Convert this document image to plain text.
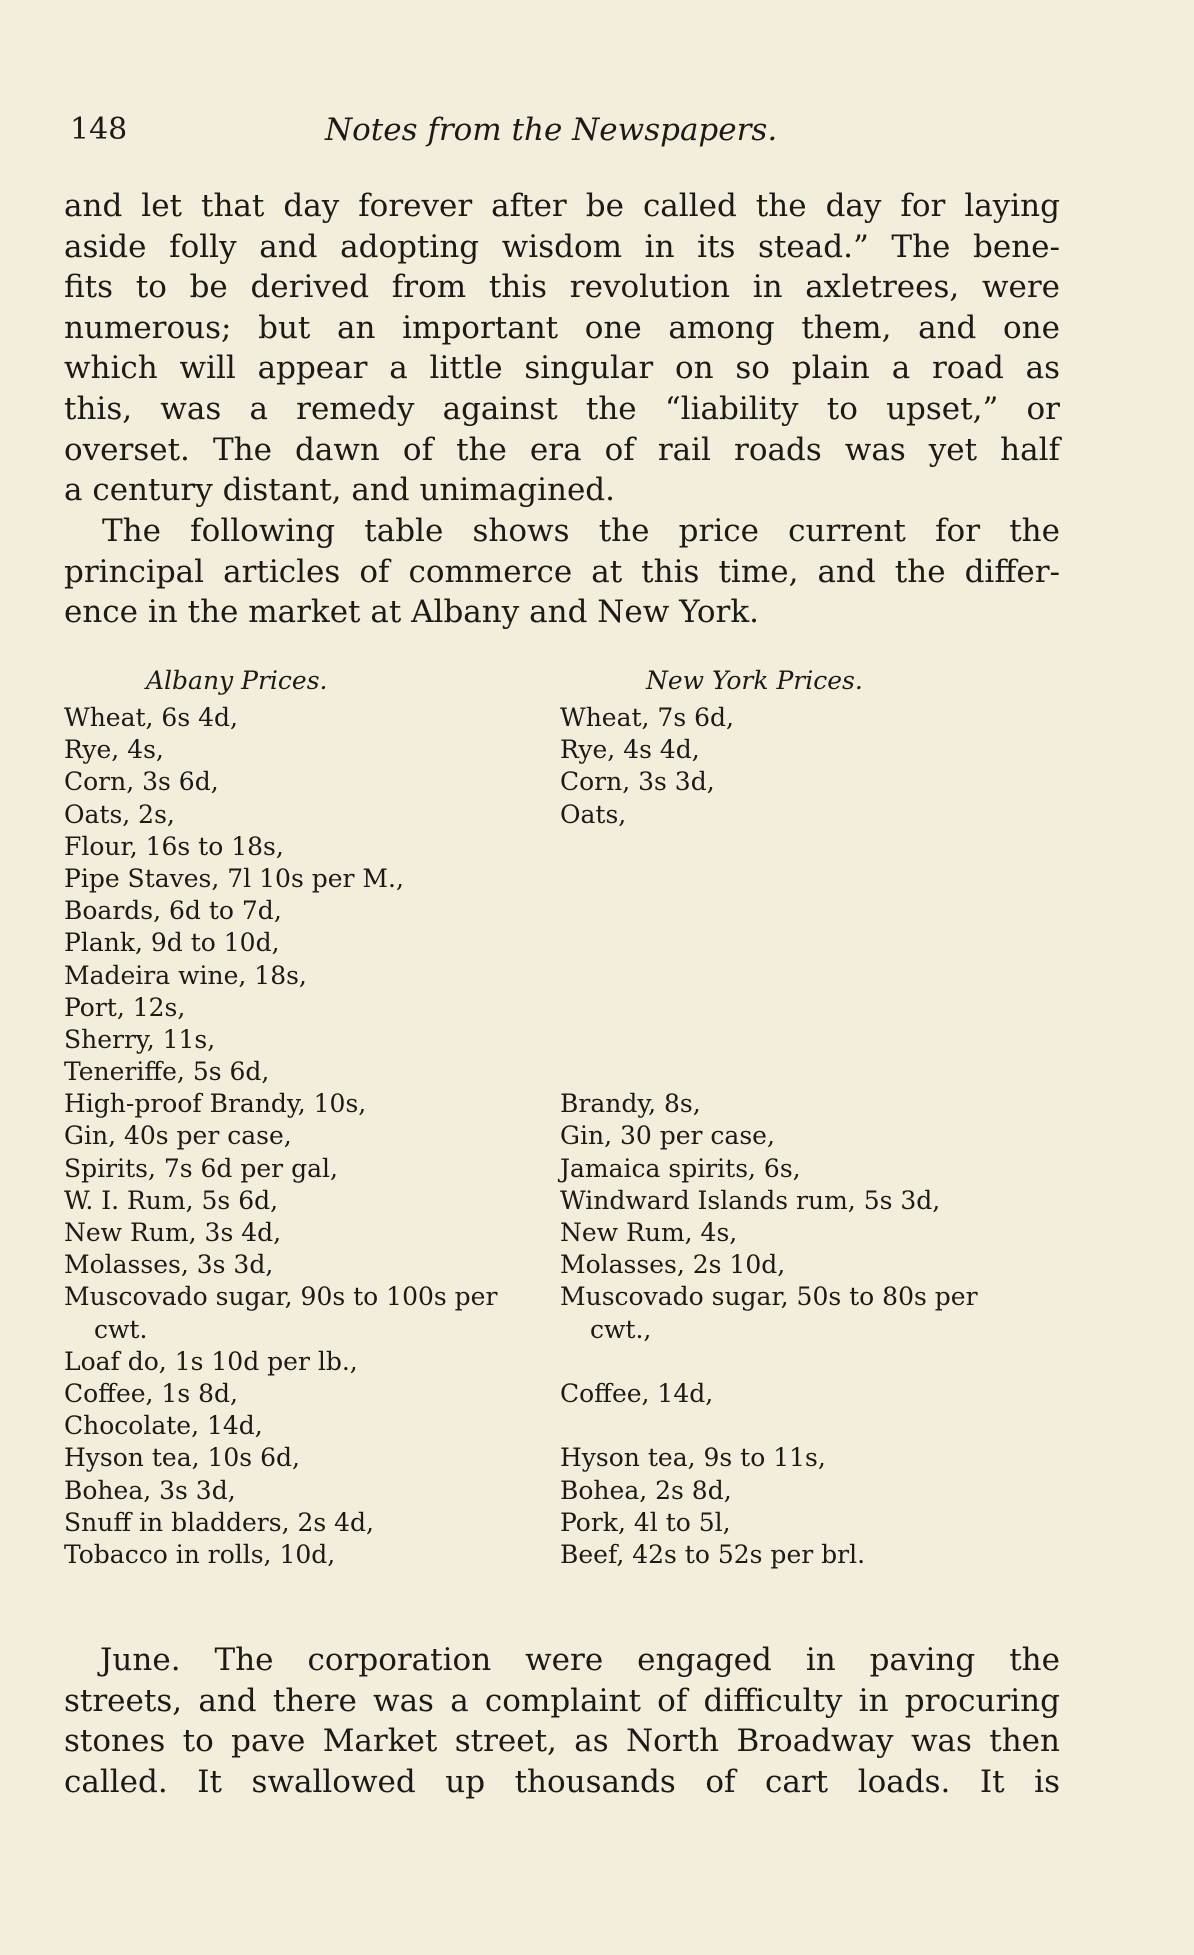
148	Notes from the Newspapers.
and let that day forever after be called the day for laying
aside folly and adopting wisdom in its stead.” The bene-
fits to be derived from this revolution in axletrees, were
numerous; but an important one among them, and one
which will appear a little singular on so plain a road as
this, was a remedy against the “liability to upset,” or
overset. The dawn of the era of rail roads was yet half
a century distant, and unimagined.
The following table shows the price current for the
principal articles of commerce at this time, and the differ-
ence in the market at Albany and New York.
Albany Prices.	New York Prices.
Wheat, 6s 4d,
Rye, 4s,
Corn, 3s 6d,
Oats, 2s,
Flour, 16s to 18s,
Pipe Staves, 7l 10s per M.,
Boards, 6d to 7d,
Plank, 9d to 10d,
Madeira wine, 18s,
Port, 12s,
Sherry, 11s,
Teneriffe, 5s 6d,
High-proof Brandy, 10s,
Gin, 40s per case,
Spirits, 7s 6d per gal,
W. I. Rum, 5s 6d,
New Rum, 3s 4d,
Molasses, 3s 3d,
Muscovado sugar, 90s to 100s per
cwt.
Loaf do, 1s 10d per lb.,
Coffee, 1s 8d,
Chocolate, 14d,
Hyson tea, 10s 6d,
Bohea, 3s 3d,
Snuff in bladders, 2s 4d,
Tobacco in rolls, 10d,
Wheat, 7s 6d,
Rye, 4s 4d,
Corn, 3s 3d,
Oats,
Brandy, 8s,
Gin, 30 per case,
Jamaica spirits, 6s,
Windward Islands rum, 5s 3d,
New Rum, 4s,
Molasses, 2s 10d,
Muscovado sugar, 50s to 80s per
cwt.,
Coffee, 14d,
Hyson tea, 9s to 11s,
Bohea, 2s 8d,
Pork, 4l to 5l,
Beef, 42s to 52s per brl.
June. The corporation were engaged in paving the
streets, and there was a complaint of difficulty in procuring
stones to pave Market street, as North Broadway was then
called. It swallowed up thousands of cart loads. It is
